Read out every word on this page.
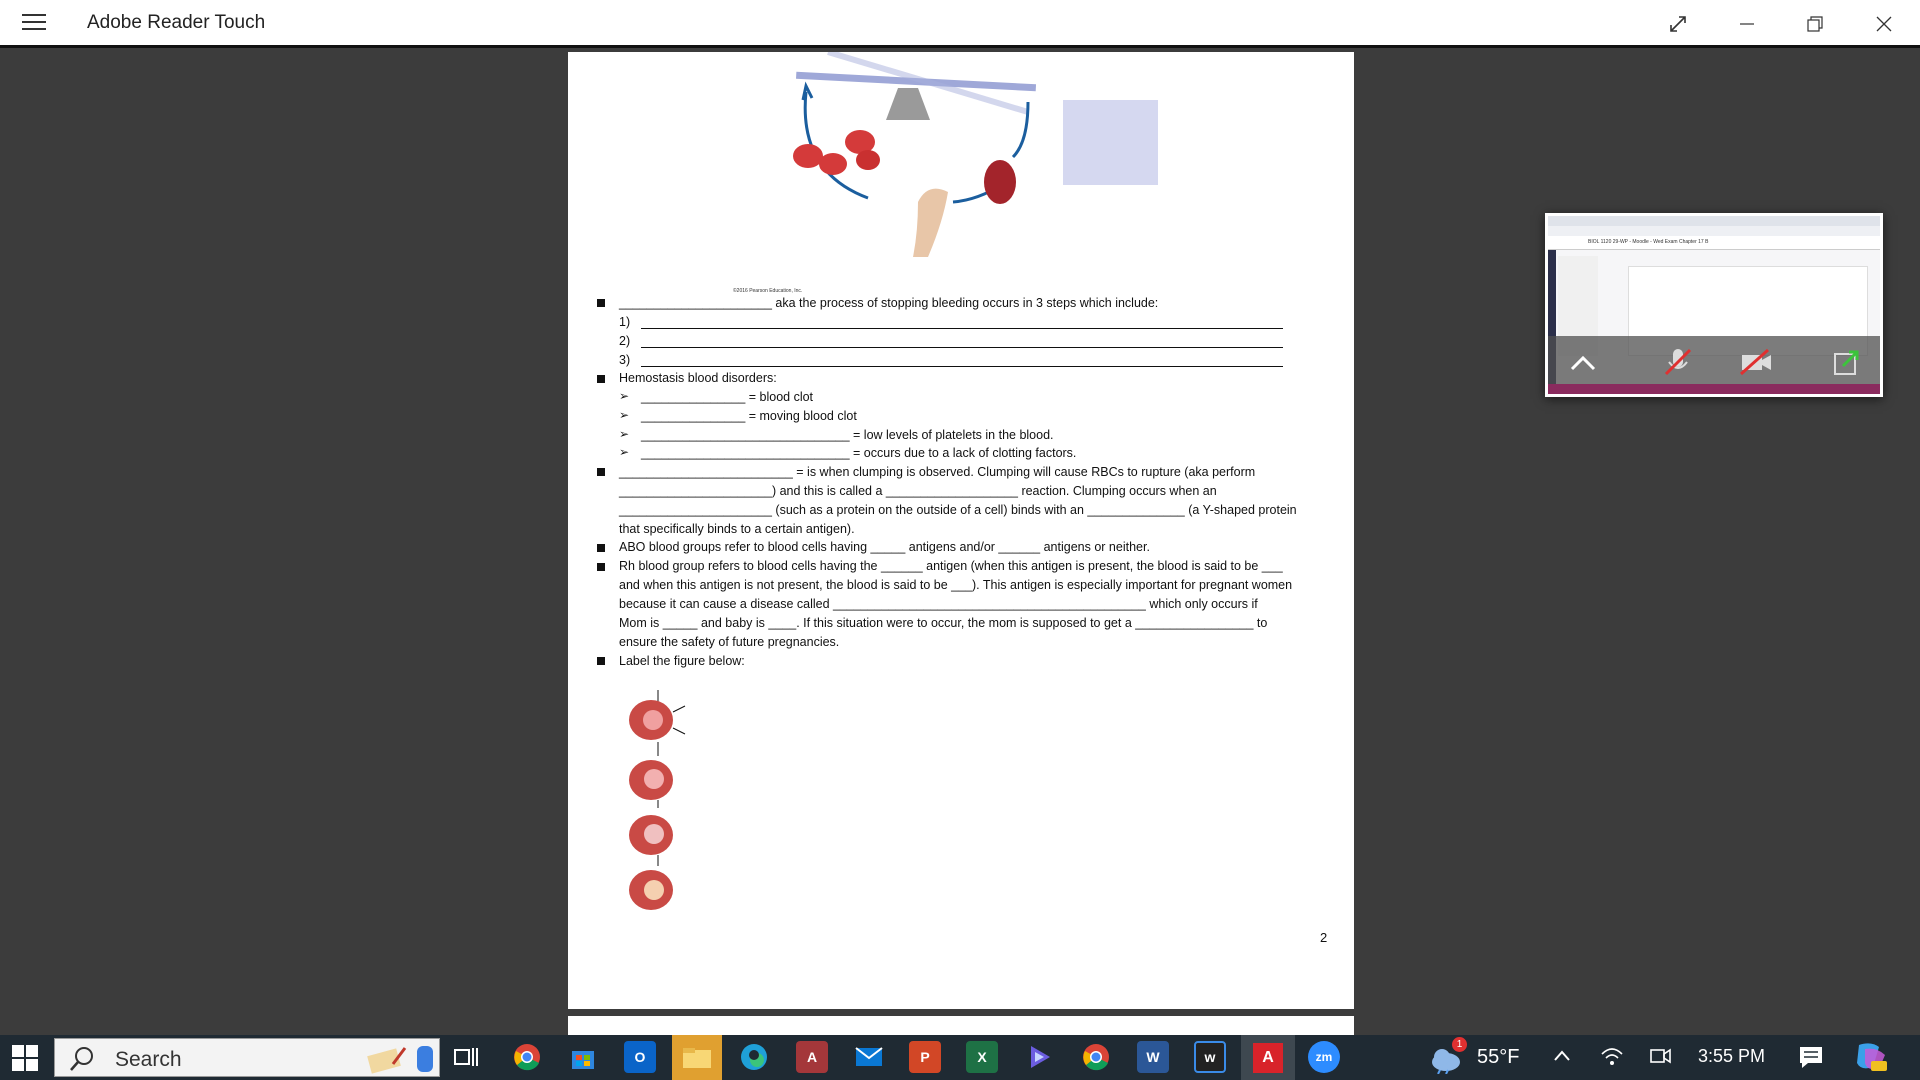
Adobe Reader Touch
©2016 Pearson Education, Inc.
______________________ aka the process of stopping bleeding occurs in 3 steps which include:
1)
2)
3)
Hemostasis blood disorders:
➢ _______________ = blood clot
➢ _______________ = moving blood clot
➢ ______________________________ = low levels of platelets in the blood.
➢ ______________________________ = occurs due to a lack of clotting factors.
_________________________ = is when clumping is observed. Clumping will cause RBCs to rupture (aka perform
______________________) and this is called a ___________________ reaction. Clumping occurs when an
______________________ (such as a protein on the outside of a cell) binds with an ______________ (a Y-shaped protein
that specifically binds to a certain antigen).
ABO blood groups refer to blood cells having _____ antigens and/or ______ antigens or neither.
Rh blood group refers to blood cells having the ______ antigen (when this antigen is present, the blood is said to be ___
and when this antigen is not present, the blood is said to be ___). This antigen is especially important for pregnant women
because it can cause a disease called _____________________________________________ which only occurs if
Mom is _____ and baby is ____. If this situation were to occur, the mom is supposed to get a _________________ to
ensure the safety of future pregnancies.
Label the figure below:
2
BIOL 1120 29-WP - Moodle - Wed Exam Chapter 17 B
Search	O	A	P	X	W	w	A	zm
1
55°F	3:55 PM
